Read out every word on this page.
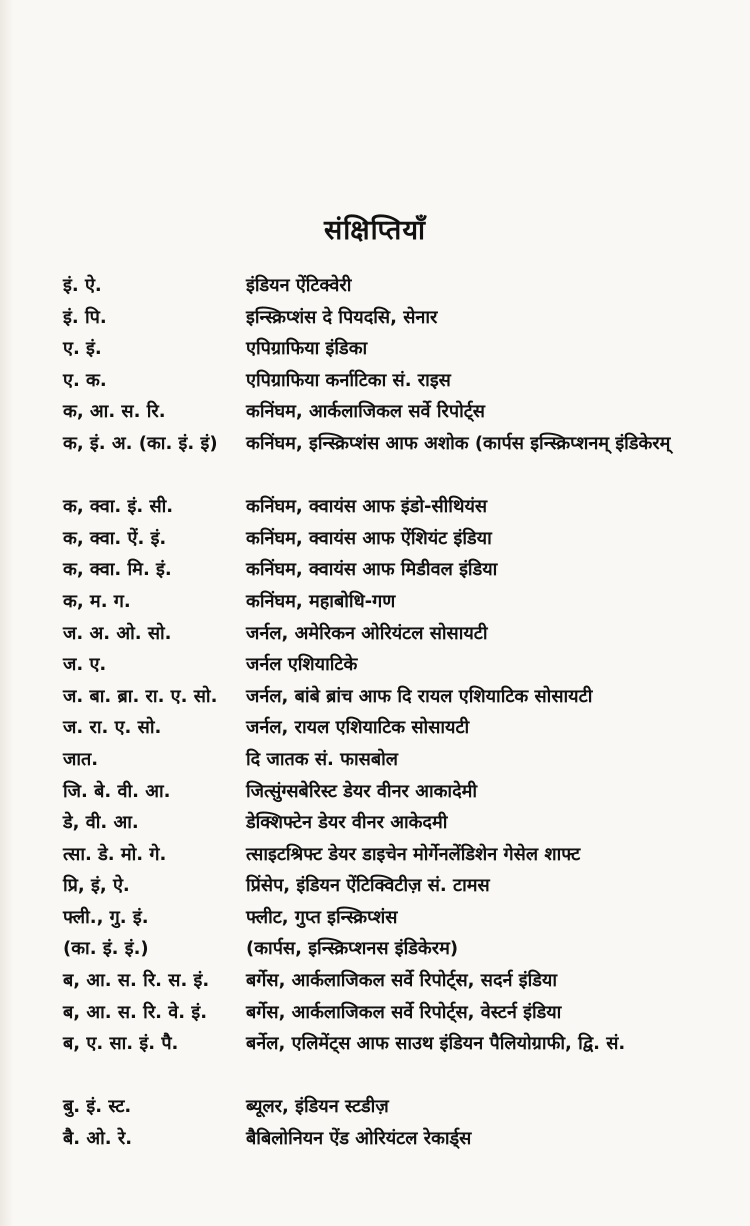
संक्षिप्तियाँ
इं. ऐ.	इंडियन ऐंटिक्वेरी
इं. पि.	इन्स्क्रिप्शंस दे पियदसि, सेनार
ए. इं.	एपिग्राफिया इंडिका
ए. क.	एपिग्राफिया कर्नाटिका सं. राइस
क, आ. स. रि.	कनिंघम, आर्कलाजिकल सर्वे रिपोर्ट्स
क, इं. अ. (का. इं. इं)	कनिंघम, इन्स्क्रिप्शंस आफ अशोक (कार्पस इन्स्क्रिप्शनम् इंडिकेरम्
क, क्वा. इं. सी.	कनिंघम, क्वायंस आफ इंडो-सीथियंस
क, क्वा. ऐं. इं.	कनिंघम, क्वायंस आफ ऐंशियंट इंडिया
क, क्वा. मि. इं.	कनिंघम, क्वायंस आफ मिडीवल इंडिया
क, म. ग.	कनिंघम, महाबोधि-गण
ज. अ. ओ. सो.	जर्नल, अमेरिकन ओरियंटल सोसायटी
ज. ए.	जर्नल एशियाटिके
ज. बा. ब्रा. रा. ए. सो.	जर्नल, बांबे ब्रांच आफ दि रायल एशियाटिक सोसायटी
ज. रा. ए. सो.	जर्नल, रायल एशियाटिक सोसायटी
जात.	दि जातक सं. फासबोल
जि. बे. वी. आ.	जित्सुंग्सबेरिस्ट डेयर वीनर आकादेमी
डे, वी. आ.	डेक्शिफ्टेन डेयर वीनर आकेदमी
त्सा. डे. मो. गे.	त्साइटश्रिफ्ट डेयर डाइचेन मोर्गेनलेंडिशेन गेसेल शाफ्ट
प्रि, इं, ऐ.	प्रिंसेप, इंडियन ऐंटिक्विटीज़ सं. टामस
फ्ली., गु. इं.	फ्लीट, गुप्त इन्स्क्रिप्शंस
(का. इं. इं.)	(कार्पस, इन्स्क्रिप्शनस इंडिकेरम)
ब, आ. स. रि. स. इं.	बर्गेस, आर्कलाजिकल सर्वे रिपोर्ट्स, सदर्न इंडिया
ब, आ. स. रि. वे. इं.	बर्गेस, आर्कलाजिकल सर्वे रिपोर्ट्स, वेस्टर्न इंडिया
ब, ए. सा. इं. पै.	बर्नेल, एलिमेंट्स आफ साउथ इंडियन पैलियोग्राफी, द्वि. सं.
बु. इं. स्ट.	ब्यूलर, इंडियन स्टडीज़
बै. ओ. रे.	बैबिलोनियन ऐंड ओरियंटल रेकार्ड्स
